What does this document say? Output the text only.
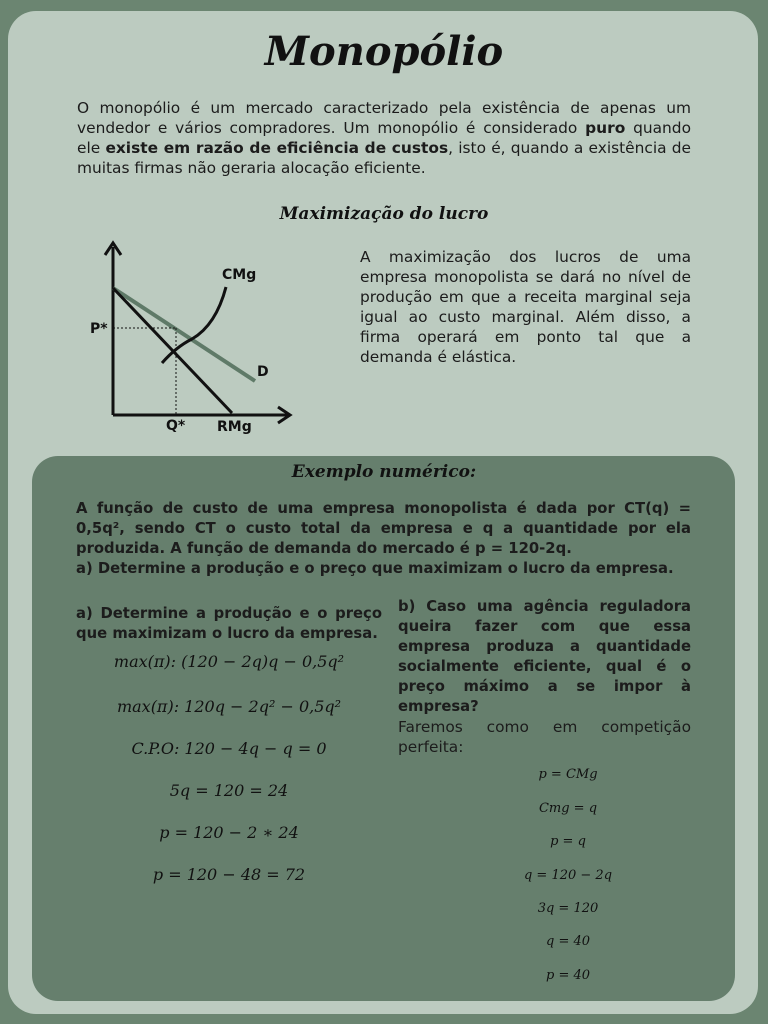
Monopólio
O monopólio é um mercado caracterizado pela existência de apenas um vendedor e vários compradores. Um monopólio é considerado puro quando ele existe em razão de eficiência de custos, isto é, quando a existência de muitas firmas não geraria alocação eficiente.
Maximização do lucro
CMg
D
RMg
P*
Q*
A maximização dos lucros de uma empresa monopolista se dará no nível de produção em que a receita marginal seja igual ao custo marginal. Além disso, a firma operará em ponto tal que a demanda é elástica.
Exemplo numérico:
A função de custo de uma empresa monopolista é dada por CT(q) = 0,5q², sendo CT o custo total da empresa e q a quantidade por ela produzida. A função de demanda do mercado é p = 120-2q.
a) Determine a produção e o preço que maximizam o lucro da empresa.
a) Determine a produção e o preço que maximizam o lucro da empresa.
max(π): (120 − 2q)q − 0,5q²
max(π): 120q − 2q² − 0,5q²
C.P.O: 120 − 4q − q = 0
5q = 120 = 24
p = 120 − 2 ∗ 24
p = 120 − 48 = 72
b) Caso uma agência reguladora queira fazer com que essa empresa produza a quantidade socialmente eficiente, qual é o preço máximo a se impor à empresa?
Faremos como em competição perfeita:
p = CMg
Cmg = q
p = q
q = 120 − 2q
3q = 120
q = 40
p = 40
